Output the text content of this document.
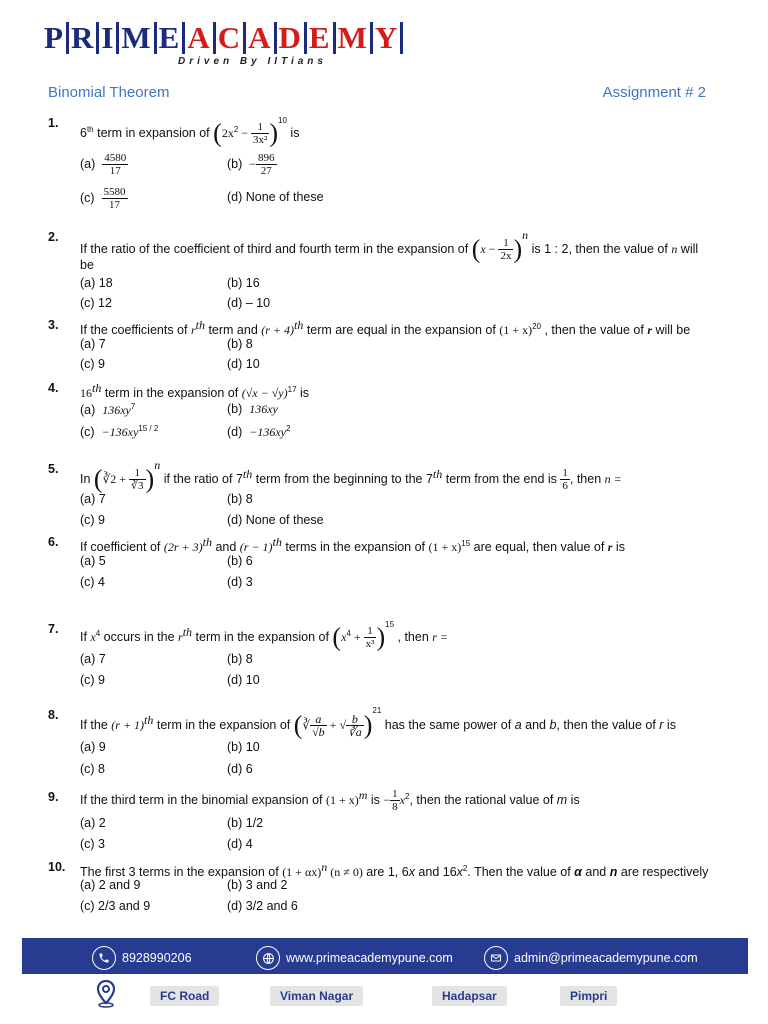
P R I M E A C A D E M Y
Driven By IITians
Binomial Theorem	Assignment # 2
1.
6th term in expansion of $(2x^2 - \frac{1}{\text{3x²}} )^{10}$ is
$(a) \frac{4580}{17}$	$(b) - \frac{896}{27}$
$(c) \frac{5580}{17}$	(d) None of these
2.
If the ratio of the coefficient of third and fourth term in the expansion of $(x - \frac{1}{2x} )^n$ is 1 : 2, then the value of n will
be
(a) 18	(b) 16
(c) 12	(d) – 10
3. If the coefficients of $r^{th}$ term and $(r + 4)^{th}$ term are equal in the expansion of $(1 + x)^{20}$ , then the value of r will be
(a) 7	(b) 8
(c) 9	(d) 10
4. 16th term in the expansion of $(√x - √y)^{17}$ is
(a) $136xy^7$	(b) 136xy
$(c) -136xy^{15 / 2}$	$(d) -136xy^2$
5.
In (∛2 + $\frac{1}{∛3} )^n$ if the ratio of 7th term from the beginning to the 7th term from the end is $\frac{1}{6}$ , then n =
(a) 7	(b) 8
(c) 9	(d) None of these
6. If coefficient of $(2r + 3)^{th}$ and $(r - 1)^{th}$ terms in the expansion of $(1 + x)^{15}$ are equal, then value of r is
(a) 5	(b) 6
(c) 4	(d) 3
7.
If $x^4$ occurs in the $r^{th}$ term in the expansion of $(x^4 + \frac{1}{\text{x³}} )^{15}$ , then r =
(a) 7	(b) 8
(c) 9	(d) 10
8.
If the $(r + 1)^{th}$ term in the expansion of (∛ $\frac{a}{√b}$ + √ $\frac{b}{∛a} )^{21}$ has the same power of a and b, then the value of r is
(a) 9	(b) 10
(c) 8	(d) 6
9. If the third term in the binomial expansion of $(1 + x)^m$ is − $\frac{1}{8} x^2$, then the rational value of m is
(a) 2	(b) 1/2
(c) 3	(d) 4
10. The first 3 terms in the expansion of $(1 + \alpha x)^n$ (n ≠ 0) are 1, 6x and $16x^2$. Then the value of α and n are respectively
(a) 2 and 9	(b) 3 and 2
(c) 2/3 and 9	(d) 3/2 and 6
8928990206	www.primeacademypune.com	admin@primeacademypune.com
FC Road	Viman Nagar	Hadapsar	Pimpri
